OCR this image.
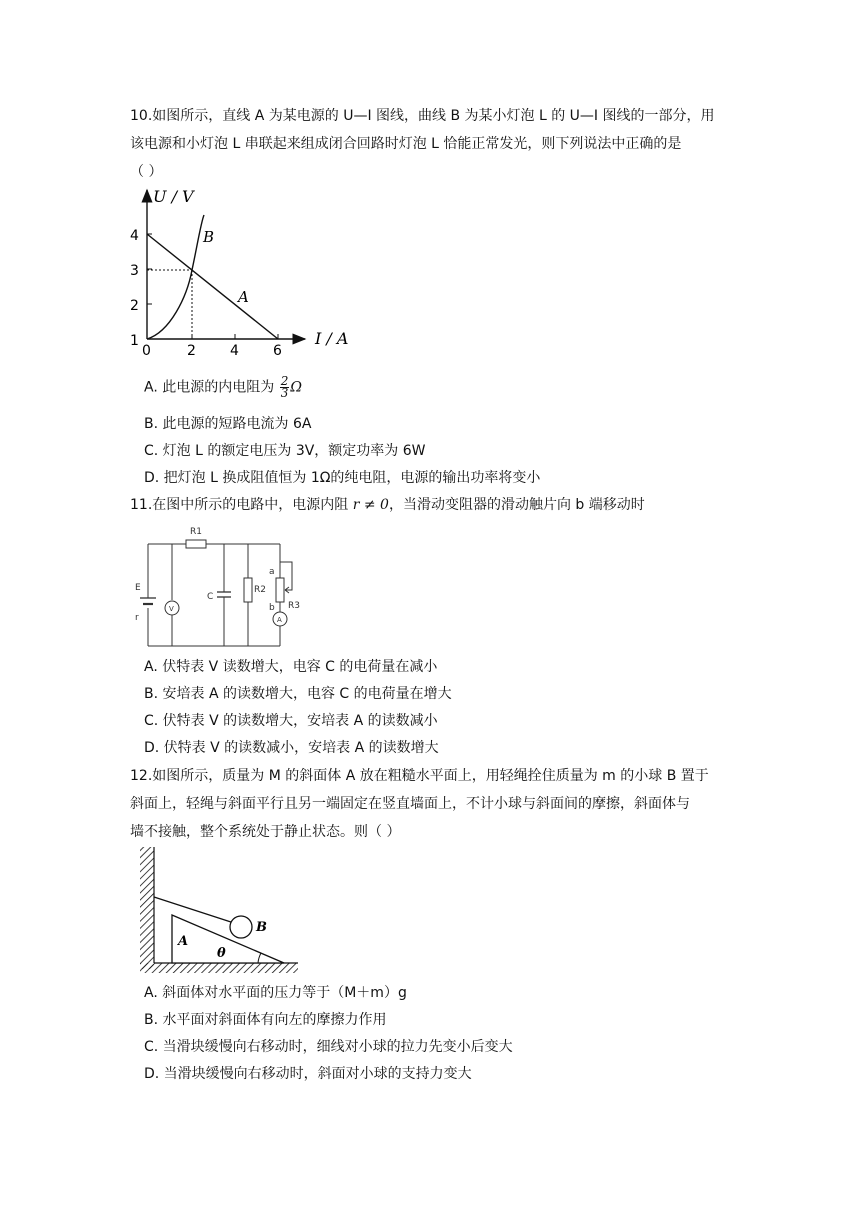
10.如图所示，直线 A 为某电源的 U—I 图线，曲线 B 为某小灯泡 L 的 U—I 图线的一部分，用
该电源和小灯泡 L 串联起来组成闭合回路时灯泡 L 恰能正常发光，则下列说法中正确的是
（ ）
U / V
I / A
1
2
3
4
0	2 4 6
A
B
A. 此电源的内电阻为 $\frac{2}{3}$ Ω
B. 此电源的短路电流为 6A
C. 灯泡 L 的额定电压为 3V，额定功率为 6W
D. 把灯泡 L 换成阻值恒为 1Ω的纯电阻，电源的输出功率将变小
11.在图中所示的电路中，电源内阻 r ≠ 0，当滑动变阻器的滑动触片向 b 端移动时
R1
E
r
V
C
R2
a
b R3
A
A. 伏特表 V 读数增大，电容 C 的电荷量在减小
B. 安培表 A 的读数增大，电容 C 的电荷量在增大
C. 伏特表 V 的读数增大，安培表 A 的读数减小
D. 伏特表 V 的读数减小，安培表 A 的读数增大
12.如图所示，质量为 M 的斜面体 A 放在粗糙水平面上，用轻绳拴住质量为 m 的小球 B 置于
斜面上，轻绳与斜面平行且另一端固定在竖直墙面上，不计小球与斜面间的摩擦，斜面体与
墙不接触，整个系统处于静止状态。则（ ）
A
B
θ
A. 斜面体对水平面的压力等于（M＋m）g
B. 水平面对斜面体有向左的摩擦力作用
C. 当滑块缓慢向右移动时，细线对小球的拉力先变小后变大
D. 当滑块缓慢向右移动时，斜面对小球的支持力变大
